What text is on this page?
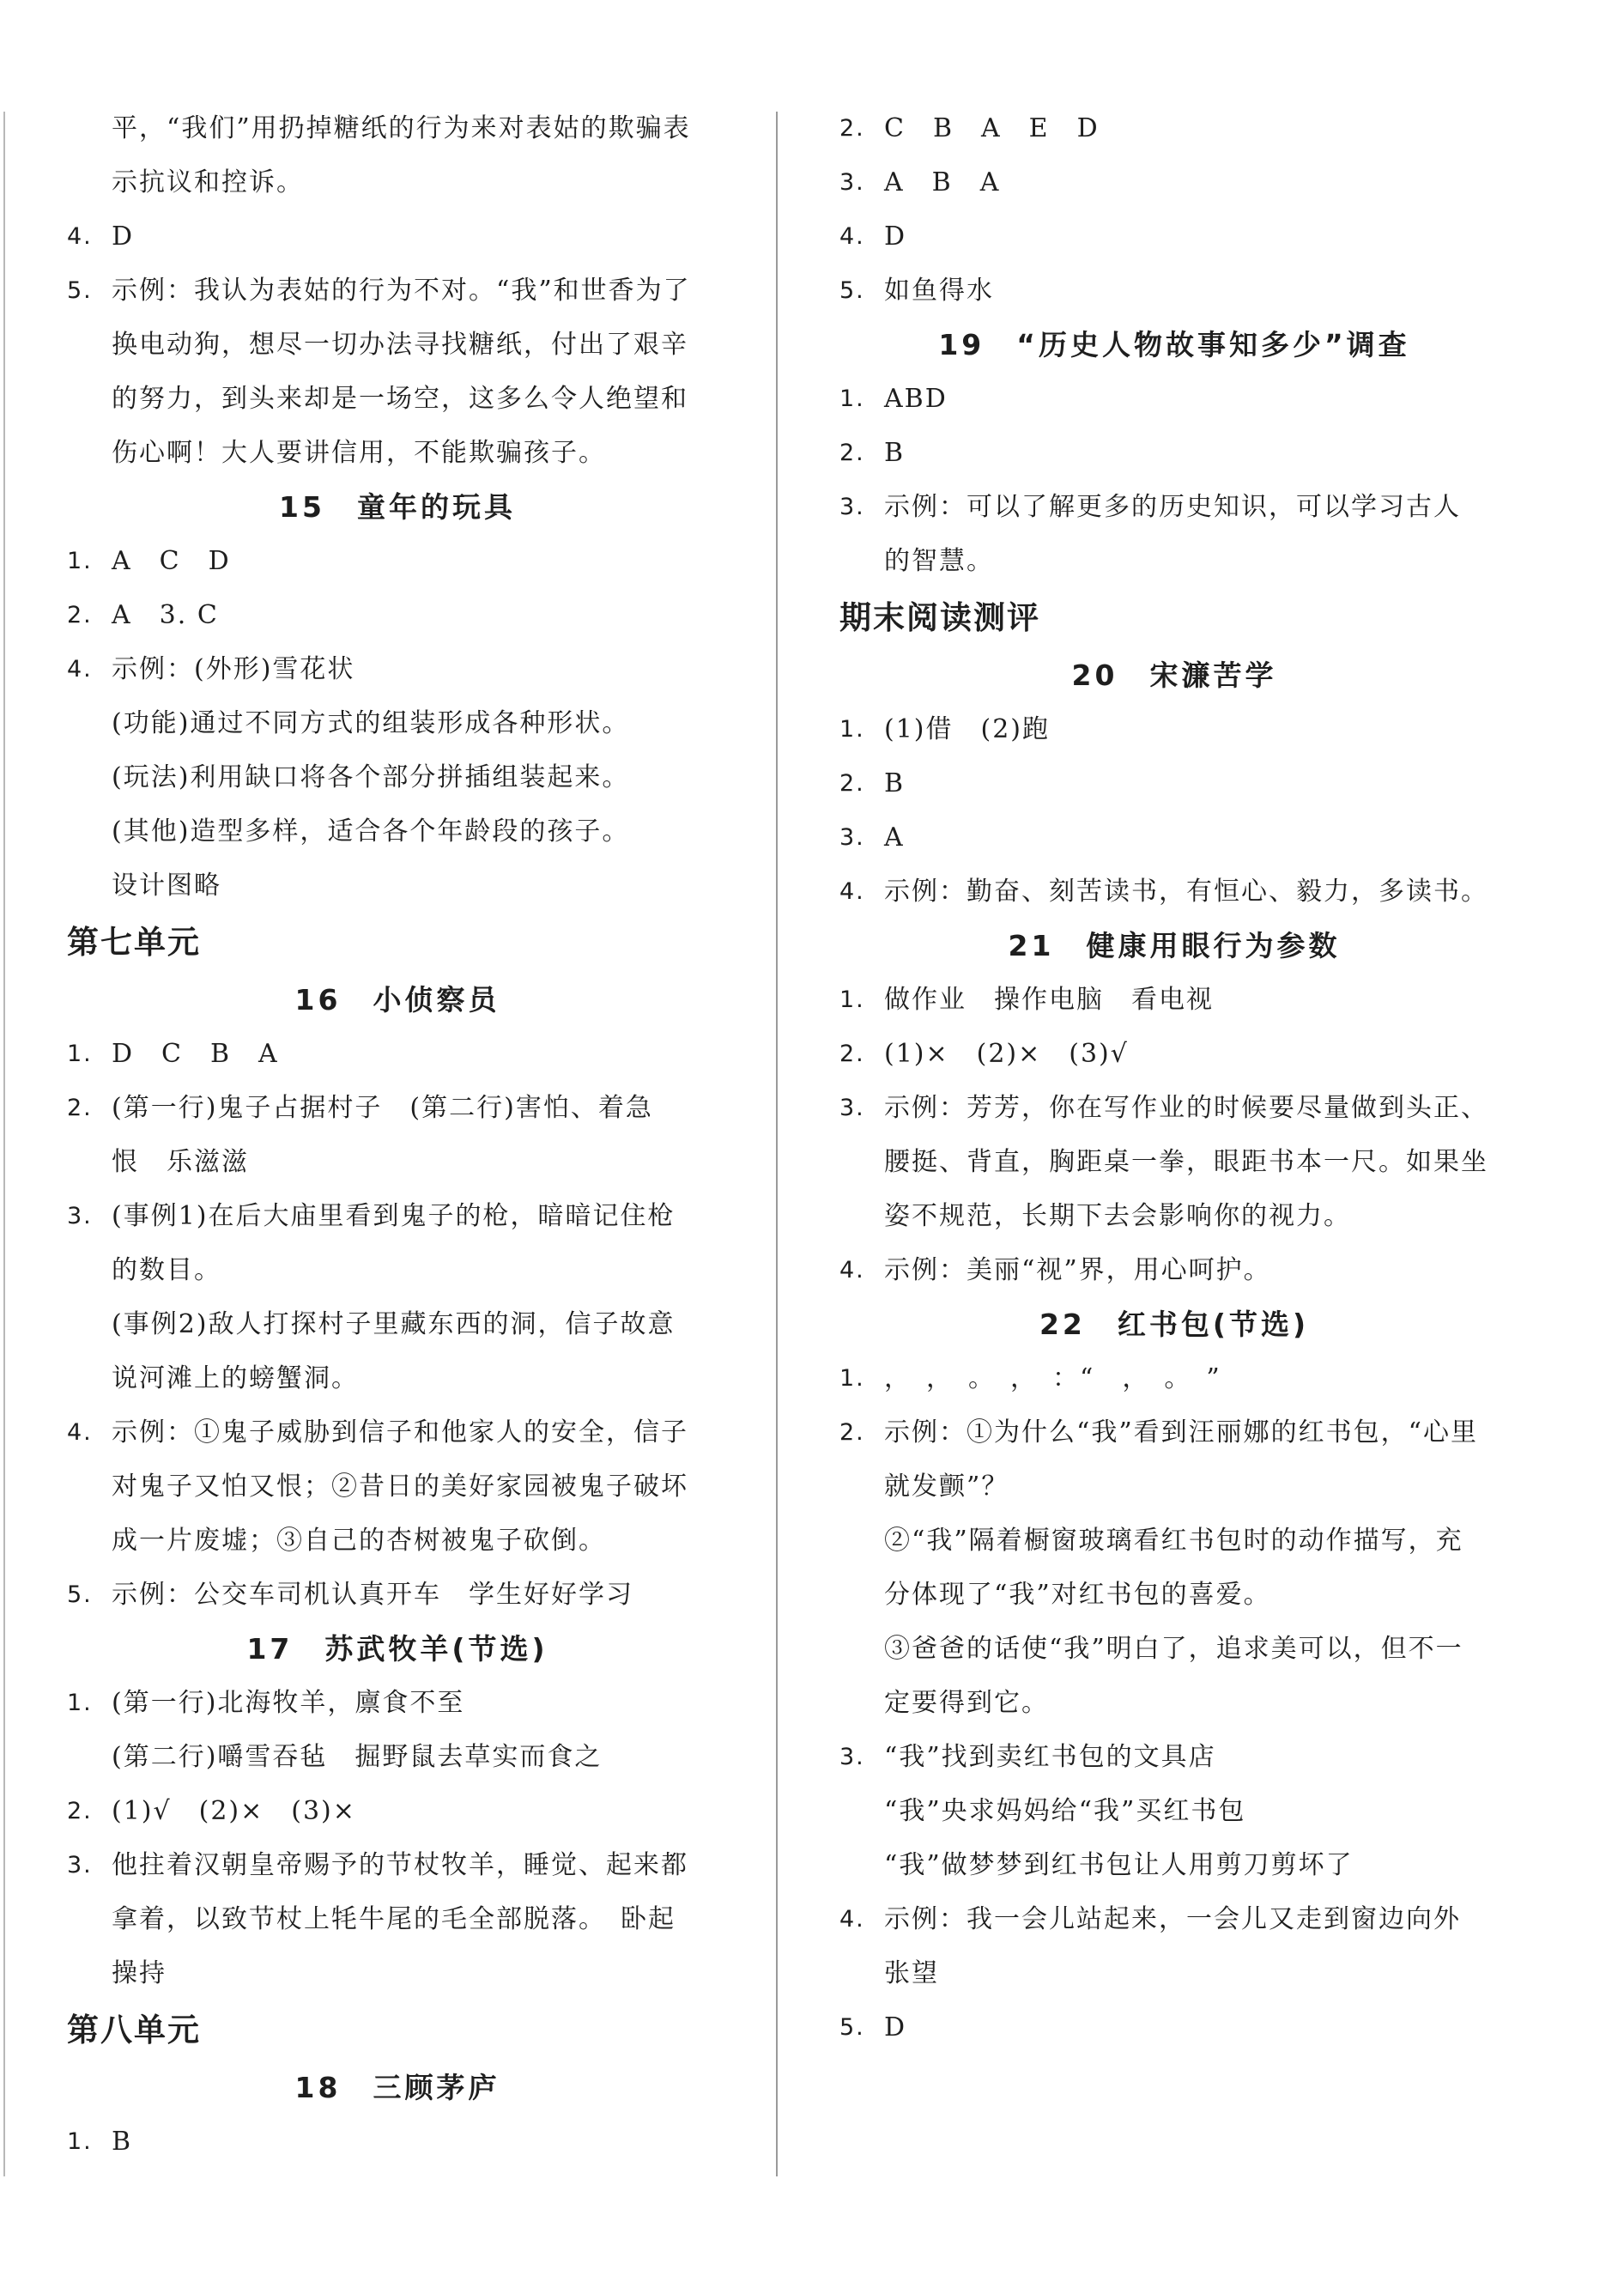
平，“我们”用扔掉糖纸的行为来对表姑的欺骗表
示抗议和控诉。
4. D
5. 示例：我认为表姑的行为不对。“我”和世香为了
换电动狗，想尽一切办法寻找糖纸，付出了艰辛
的努力，到头来却是一场空，这多么令人绝望和
伤心啊！大人要讲信用，不能欺骗孩子。
15　童年的玩具
1. A　C　D
2. A　3. C
4. 示例：(外形)雪花状
(功能)通过不同方式的组装形成各种形状。
(玩法)利用缺口将各个部分拼插组装起来。
(其他)造型多样，适合各个年龄段的孩子。
设计图略
第七单元
16　小侦察员
1. D　C　B　A
2. (第一行)鬼子占据村子　(第二行)害怕、着急
恨　乐滋滋
3. (事例1)在后大庙里看到鬼子的枪，暗暗记住枪
的数目。
(事例2)敌人打探村子里藏东西的洞，信子故意
说河滩上的螃蟹洞。
4. 示例：①鬼子威胁到信子和他家人的安全，信子
对鬼子又怕又恨；②昔日的美好家园被鬼子破坏
成一片废墟；③自己的杏树被鬼子砍倒。
5. 示例：公交车司机认真开车　学生好好学习
17　苏武牧羊(节选)
1. (第一行)北海牧羊，廪食不至
(第二行)嚼雪吞毡　掘野鼠去草实而食之
2. (1)√　(2)×　(3)×
3. 他拄着汉朝皇帝赐予的节杖牧羊，睡觉、起来都
拿着，以致节杖上牦牛尾的毛全部脱落。　卧起
操持
第八单元
18　三顾茅庐
1. B
2. C　B　A　E　D
3. A　B　A
4. D
5. 如鱼得水
19　“历史人物故事知多少”调查
1. ABD
2. B
3. 示例：可以了解更多的历史知识，可以学习古人
的智慧。
期末阅读测评
20　宋濂苦学
1. (1)借　(2)跑
2. B
3. A
4. 示例：勤奋、刻苦读书，有恒心、毅力，多读书。
21　健康用眼行为参数
1. 做作业　操作电脑　看电视
2. (1)×　(2)×　(3)√
3. 示例：芳芳，你在写作业的时候要尽量做到头正、
腰挺、背直，胸距桌一拳，眼距书本一尺。如果坐
姿不规范，长期下去会影响你的视力。
4. 示例：美丽“视”界，用心呵护。
22　红书包(节选)
1. ，　，　。　，　：“　，　。　”
2. 示例：①为什么“我”看到汪丽娜的红书包，“心里
就发颤”？
②“我”隔着橱窗玻璃看红书包时的动作描写，充
分体现了“我”对红书包的喜爱。
③爸爸的话使“我”明白了，追求美可以，但不一
定要得到它。
3. “我”找到卖红书包的文具店
“我”央求妈妈给“我”买红书包
“我”做梦梦到红书包让人用剪刀剪坏了
4. 示例：我一会儿站起来，一会儿又走到窗边向外
张望
5. D
